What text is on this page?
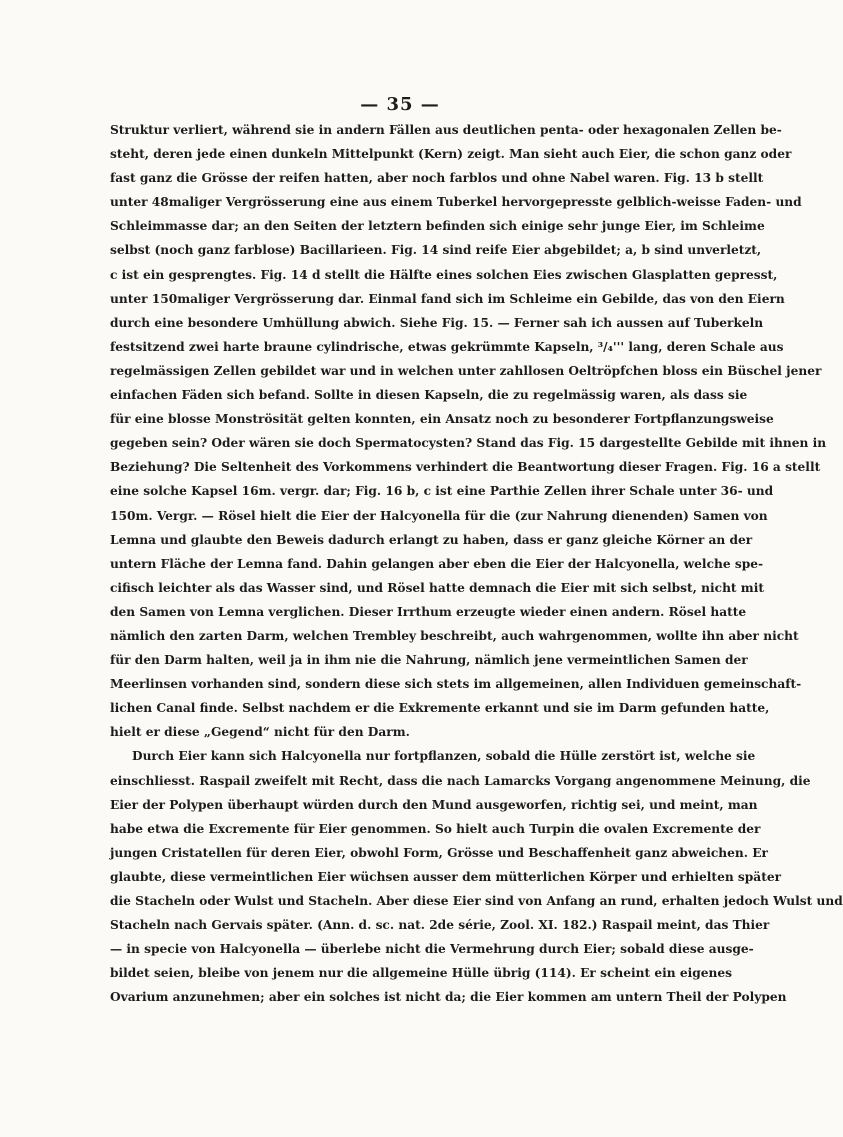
— 35 —
Struktur verliert, während sie in andern Fällen aus deutlichen penta- oder hexagonalen Zellen be-
steht, deren jede einen dunkeln Mittelpunkt (Kern) zeigt. Man sieht auch Eier, die schon ganz oder
fast ganz die Grösse der reifen hatten, aber noch farblos und ohne Nabel waren. Fig. 13 b stellt
unter 48maliger Vergrösserung eine aus einem Tuberkel hervorgepresste gelblich-weisse Faden- und
Schleimmasse dar; an den Seiten der letztern befinden sich einige sehr junge Eier, im Schleime
selbst (noch ganz farblose) Bacillarieen. Fig. 14 sind reife Eier abgebildet; a, b sind unverletzt,
c ist ein gesprengtes. Fig. 14 d stellt die Hälfte eines solchen Eies zwischen Glasplatten gepresst,
unter 150maliger Vergrösserung dar. Einmal fand sich im Schleime ein Gebilde, das von den Eiern
durch eine besondere Umhüllung abwich. Siehe Fig. 15. — Ferner sah ich aussen auf Tuberkeln
festsitzend zwei harte braune cylindrische, etwas gekrümmte Kapseln, ³/₄''' lang, deren Schale aus
regelmässigen Zellen gebildet war und in welchen unter zahllosen Oeltröpfchen bloss ein Büschel jener
einfachen Fäden sich befand. Sollte in diesen Kapseln, die zu regelmässig waren, als dass sie
für eine blosse Monströsität gelten konnten, ein Ansatz noch zu besonderer Fortpflanzungsweise
gegeben sein? Oder wären sie doch Spermatocysten? Stand das Fig. 15 dargestellte Gebilde mit ihnen in
Beziehung? Die Seltenheit des Vorkommens verhindert die Beantwortung dieser Fragen. Fig. 16 a stellt
eine solche Kapsel 16m. vergr. dar; Fig. 16 b, c ist eine Parthie Zellen ihrer Schale unter 36- und
150m. Vergr. — Rösel hielt die Eier der Halcyonella für die (zur Nahrung dienenden) Samen von
Lemna und glaubte den Beweis dadurch erlangt zu haben, dass er ganz gleiche Körner an der
untern Fläche der Lemna fand. Dahin gelangen aber eben die Eier der Halcyonella, welche spe-
cifisch leichter als das Wasser sind, und Rösel hatte demnach die Eier mit sich selbst, nicht mit
den Samen von Lemna verglichen. Dieser Irrthum erzeugte wieder einen andern. Rösel hatte
nämlich den zarten Darm, welchen Trembley beschreibt, auch wahrgenommen, wollte ihn aber nicht
für den Darm halten, weil ja in ihm nie die Nahrung, nämlich jene vermeintlichen Samen der
Meerlinsen vorhanden sind, sondern diese sich stets im allgemeinen, allen Individuen gemeinschaft-
lichen Canal finde. Selbst nachdem er die Exkremente erkannt und sie im Darm gefunden hatte,
hielt er diese „Gegend“ nicht für den Darm.
Durch Eier kann sich Halcyonella nur fortpflanzen, sobald die Hülle zerstört ist, welche sie
einschliesst. Raspail zweifelt mit Recht, dass die nach Lamarcks Vorgang angenommene Meinung, die
Eier der Polypen überhaupt würden durch den Mund ausgeworfen, richtig sei, und meint, man
habe etwa die Excremente für Eier genommen. So hielt auch Turpin die ovalen Excremente der
jungen Cristatellen für deren Eier, obwohl Form, Grösse und Beschaffenheit ganz abweichen. Er
glaubte, diese vermeintlichen Eier wüchsen ausser dem mütterlichen Körper und erhielten später
die Stacheln oder Wulst und Stacheln. Aber diese Eier sind von Anfang an rund, erhalten jedoch Wulst und
Stacheln nach Gervais später. (Ann. d. sc. nat. 2de série, Zool. XI. 182.) Raspail meint, das Thier
— in specie von Halcyonella — überlebe nicht die Vermehrung durch Eier; sobald diese ausge-
bildet seien, bleibe von jenem nur die allgemeine Hülle übrig (114). Er scheint ein eigenes
Ovarium anzunehmen; aber ein solches ist nicht da; die Eier kommen am untern Theil der Polypen
